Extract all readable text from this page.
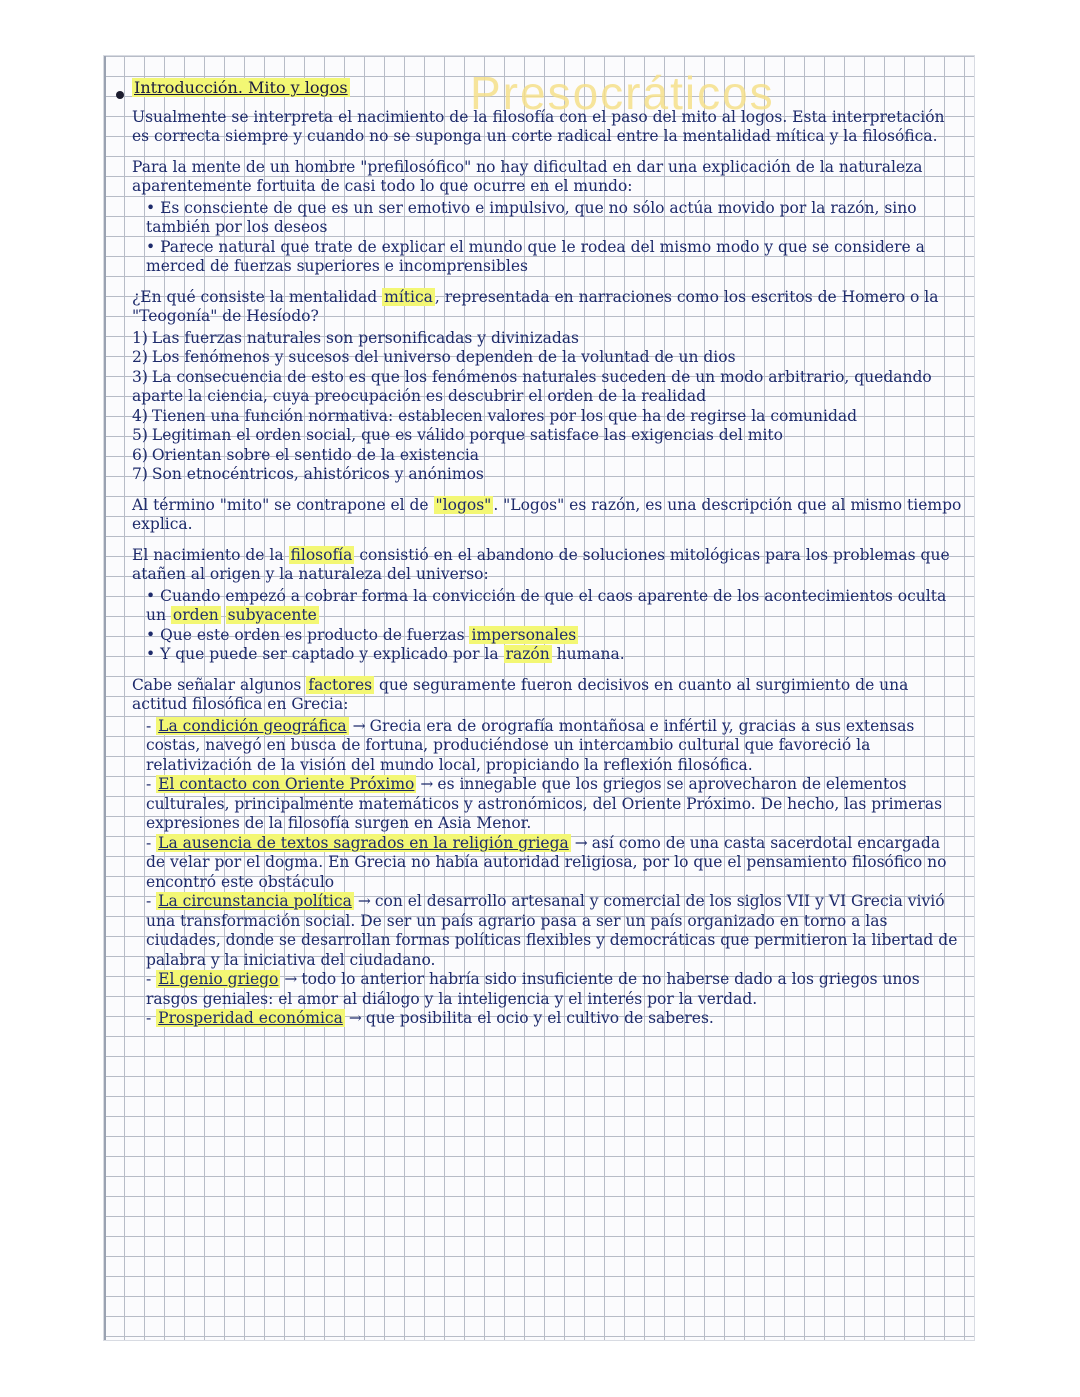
Presocráticos
Introducción. Mito y logos

Usualmente se interpreta el nacimiento de la filosofía con el paso del mito al logos. Esta interpretación es correcta siempre y cuando no se suponga un corte radical entre la mentalidad mítica y la filosófica.

Para la mente de un hombre "prefilosófico" no hay dificultad en dar una explicación de la naturaleza aparentemente fortuita de casi todo lo que ocurre en el mundo:

• Es consciente de que es un ser emotivo e impulsivo, que no sólo actúa movido por la razón, sino también por los deseos
• Parece natural que trate de explicar el mundo que le rodea del mismo modo y que se considere a merced de fuerzas superiores e incomprensibles

¿En qué consiste la mentalidad mítica , representada en narraciones como los escritos de Homero o la "Teogonía" de Hesíodo?

1) Las fuerzas naturales son personificadas y divinizadas
2) Los fenómenos y sucesos del universo dependen de la voluntad de un dios
3) La consecuencia de esto es que los fenómenos naturales suceden de un modo arbitrario, quedando aparte la ciencia, cuya preocupación es descubrir el orden de la realidad
4) Tienen una función normativa: establecen valores por los que ha de regirse la comunidad
5) Legitiman el orden social, que es válido porque satisface las exigencias del mito
6) Orientan sobre el sentido de la existencia
7) Son etnocéntricos, ahistóricos y anónimos

Al término "mito" se contrapone el de "logos" . "Logos" es razón, es una descripción que al mismo tiempo explica.

El nacimiento de la filosofía consistió en el abandono de soluciones mitológicas para los problemas que atañen al origen y la naturaleza del universo:

• Cuando empezó a cobrar forma la convicción de que el caos aparente de los acontecimientos oculta un orden subyacente
• Que este orden es producto de fuerzas impersonales
• Y que puede ser captado y explicado por la razón humana.

Cabe señalar algunos factores que seguramente fueron decisivos en cuanto al surgimiento de una actitud filosófica en Grecia:

- La condición geográfica → Grecia era de orografía montañosa e infértil y, gracias a sus extensas costas, navegó en busca de fortuna, produciéndose un intercambio cultural que favoreció la relativización de la visión del mundo local, propiciando la reflexión filosófica.
- El contacto con Oriente Próximo → es innegable que los griegos se aprovecharon de elementos culturales, principalmente matemáticos y astronómicos, del Oriente Próximo. De hecho, las primeras expresiones de la filosofía surgen en Asia Menor.
- La ausencia de textos sagrados en la religión griega → así como de una casta sacerdotal encargada de velar por el dogma. En Grecia no había autoridad religiosa, por lo que el pensamiento filosófico no encontró este obstáculo
- La circunstancia política → con el desarrollo artesanal y comercial de los siglos VII y VI Grecia vivió una transformación social. De ser un país agrario pasa a ser un país organizado en torno a las ciudades, donde se desarrollan formas políticas flexibles y democráticas que permitieron la libertad de palabra y la iniciativa del ciudadano.
- El genio griego → todo lo anterior habría sido insuficiente de no haberse dado a los griegos unos rasgos geniales: el amor al diálogo y la inteligencia y el interés por la verdad.
- Prosperidad económica → que posibilita el ocio y el cultivo de saberes.
